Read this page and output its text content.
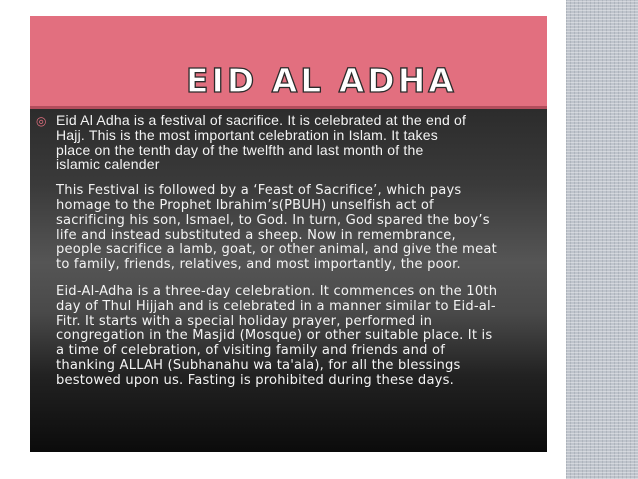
EID AL ADHA
◎ Eid Al Adha is a festival of sacrifice. It is celebrated at the end of
Hajj. This is the most important celebration in Islam. It takes
place on the tenth day of the twelfth and last month of the
islamic calender

This Festival is followed by a ‘Feast of Sacrifice’, which pays
homage to the Prophet Ibrahim’s(PBUH) unselfish act of
sacrificing his son, Ismael, to God. In turn, God spared the boy’s
life and instead substituted a sheep. Now in remembrance,
people sacrifice a lamb, goat, or other animal, and give the meat
to family, friends, relatives, and most importantly, the poor.

Eid-Al-Adha is a three-day celebration. It commences on the 10th
day of Thul Hijjah and is celebrated in a manner similar to Eid-al-
Fitr. It starts with a special holiday prayer, performed in
congregation in the Masjid (Mosque) or other suitable place. It is
a time of celebration, of visiting family and friends and of
thanking ALLAH (Subhanahu wa ta'ala), for all the blessings
bestowed upon us. Fasting is prohibited during these days.
